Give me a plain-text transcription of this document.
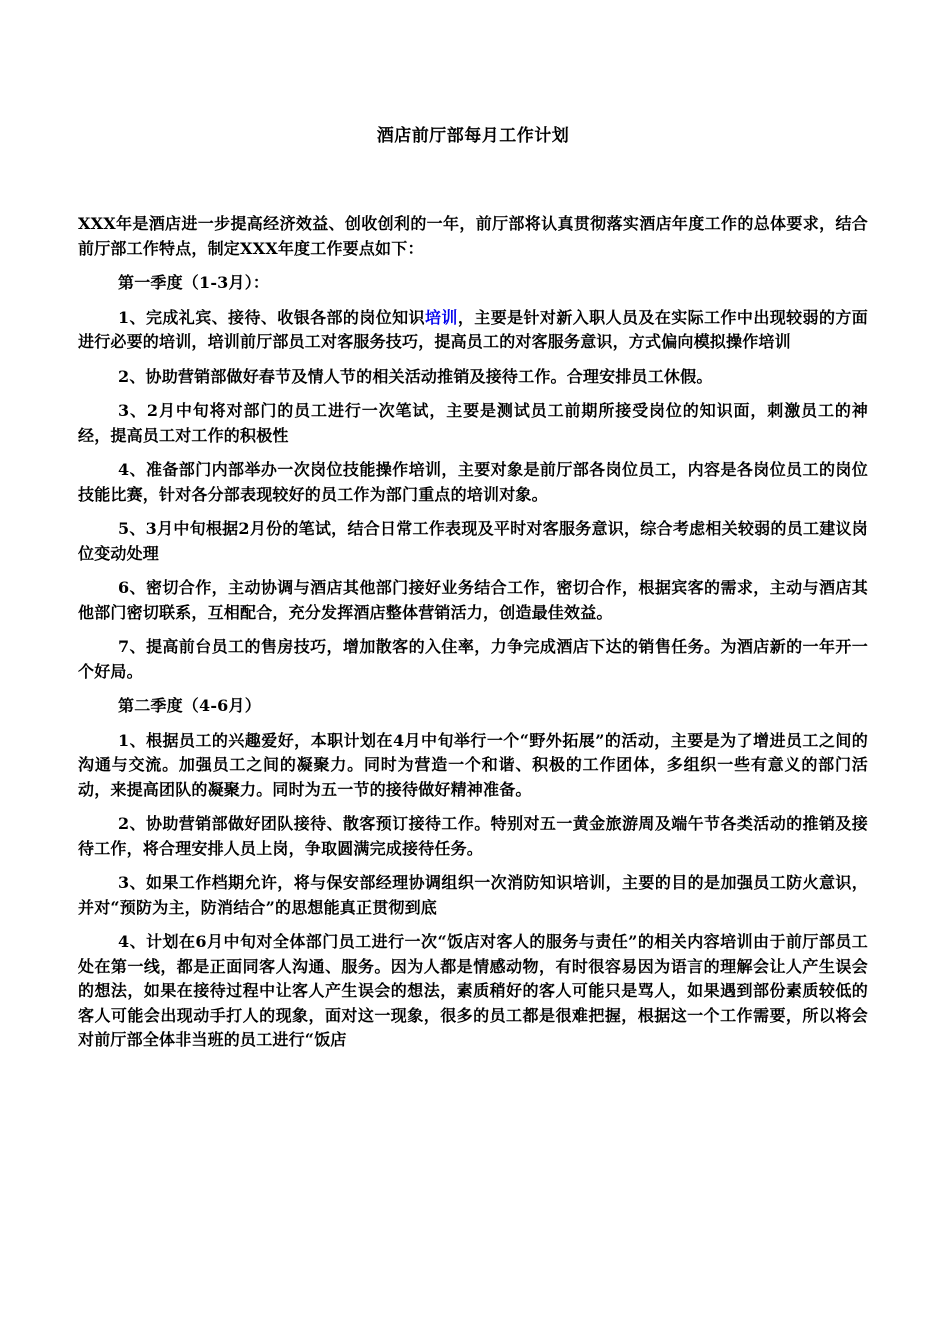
酒店前厅部每月工作计划

XXX年是酒店进一步提高经济效益、创收创利的一年，前厅部将认真贯彻落实酒店年度工作的总体要求，结合前厅部工作特点，制定XXX年度工作要点如下：

第一季度（1-3月）：

1、完成礼宾、接待、收银各部的岗位知识培训，主要是针对新入职人员及在实际工作中出现较弱的方面进行必要的培训，培训前厅部员工对客服务技巧，提高员工的对客服务意识，方式偏向模拟操作培训

2、协助营销部做好春节及情人节的相关活动推销及接待工作。合理安排员工休假。

3、2月中旬将对部门的员工进行一次笔试，主要是测试员工前期所接受岗位的知识面，刺激员工的神经，提高员工对工作的积极性

4、准备部门内部举办一次岗位技能操作培训，主要对象是前厅部各岗位员工，内容是各岗位员工的岗位技能比赛，针对各分部表现较好的员工作为部门重点的培训对象。

5、3月中旬根据2月份的笔试，结合日常工作表现及平时对客服务意识，综合考虑相关较弱的员工建议岗位变动处理

6、密切合作，主动协调与酒店其他部门接好业务结合工作，密切合作，根据宾客的需求，主动与酒店其他部门密切联系，互相配合，充分发挥酒店整体营销活力，创造最佳效益。

7、提高前台员工的售房技巧，增加散客的入住率，力争完成酒店下达的销售任务。为酒店新的一年开一个好局。

第二季度（4-6月）

1、根据员工的兴趣爱好，本职计划在4月中旬举行一个“野外拓展”的活动，主要是为了增进员工之间的沟通与交流。加强员工之间的凝聚力。同时为营造一个和谐、积极的工作团体，多组织一些有意义的部门活动，来提高团队的凝聚力。同时为五一节的接待做好精神准备。

2、协助营销部做好团队接待、散客预订接待工作。特别对五一黄金旅游周及端午节各类活动的推销及接待工作，将合理安排人员上岗，争取圆满完成接待任务。

3、如果工作档期允许，将与保安部经理协调组织一次消防知识培训，主要的目的是加强员工防火意识，并对“预防为主，防消结合”的思想能真正贯彻到底

4、计划在6月中旬对全体部门员工进行一次“饭店对客人的服务与责任”的相关内容培训由于前厅部员工处在第一线，都是正面同客人沟通、服务。因为人都是情感动物，有时很容易因为语言的理解会让人产生误会的想法，如果在接待过程中让客人产生误会的想法，素质稍好的客人可能只是骂人，如果遇到部份素质较低的客人可能会出现动手打人的现象，面对这一现象，很多的员工都是很难把握，根据这一个工作需要，所以将会对前厅部全体非当班的员工进行“饭店
